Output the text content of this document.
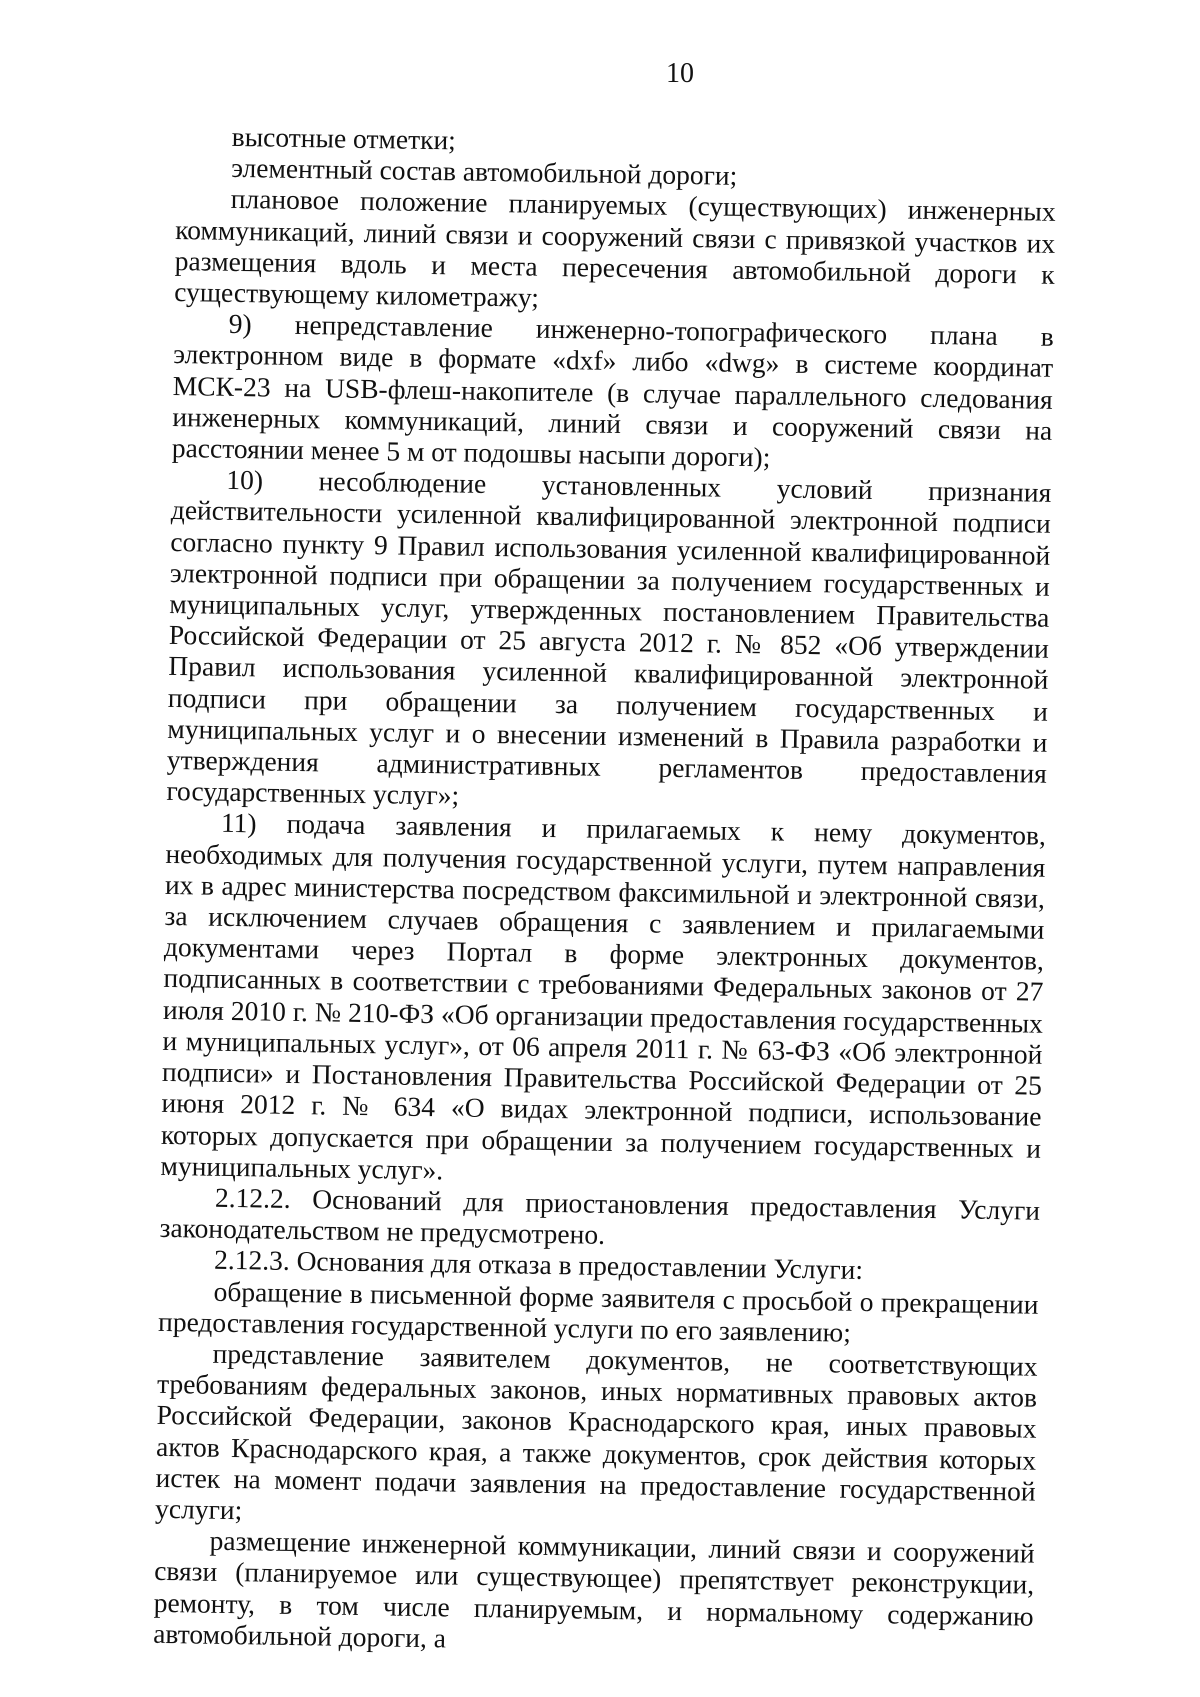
10

высотные отметки;

элементный состав автомобильной дороги;

плановое положение планируемых (существующих) инженерных коммуникаций, линий связи и сооружений связи с привязкой участков их размещения вдоль и места пересечения автомобильной дороги к существующему километражу;

9) непредставление инженерно-топографического плана в электронном виде в формате «dxf» либо «dwg» в системе координат МСК-23 на USB-флеш-накопителе (в случае параллельного следования инженерных коммуникаций, линий связи и сооружений связи на расстоянии менее 5 м от подошвы насыпи дороги);

10) несоблюдение установленных условий признания действительности усиленной квалифицированной электронной подписи согласно пункту 9 Правил использования усиленной квалифицированной электронной подписи при обращении за получением государственных и муниципальных услуг, утвержденных постановлением Правительства Российской Федерации от 25 августа 2012 г. № 852 «Об утверждении Правил использования усиленной квалифицированной электронной подписи при обращении за получением государственных и муниципальных услуг и о внесении изменений в Правила разработки и утверждения административных регламентов предоставления государственных услуг»;

11) подача заявления и прилагаемых к нему документов, необходимых для получения государственной услуги, путем направления их в адрес министерства посредством факсимильной и электронной связи, за исключением случаев обращения с заявлением и прилагаемыми документами через Портал в форме электронных документов, подписанных в соответствии с требованиями Федеральных законов от 27 июля 2010 г. № 210-ФЗ «Об организации предоставления государственных и муниципальных услуг», от 06 апреля 2011 г. № 63-ФЗ «Об электронной подписи» и Постановления Правительства Российской Федерации от 25 июня 2012 г. № 634 «О видах электронной подписи, использование которых допускается при обращении за получением государственных и муниципальных услуг».

2.12.2. Оснований для приостановления предоставления Услуги законодательством не предусмотрено.

2.12.3. Основания для отказа в предоставлении Услуги:

обращение в письменной форме заявителя с просьбой о прекращении предоставления государственной услуги по его заявлению;

представление заявителем документов, не соответствующих требованиям федеральных законов, иных нормативных правовых актов Российской Федерации, законов Краснодарского края, иных правовых актов Краснодарского края, а также документов, срок действия которых истек на момент подачи заявления на предоставление государственной услуги;

размещение инженерной коммуникации, линий связи и сооружений связи (планируемое или существующее) препятствует реконструкции, ремонту, в том числе планируемым, и нормальному содержанию автомобильной дороги, а
